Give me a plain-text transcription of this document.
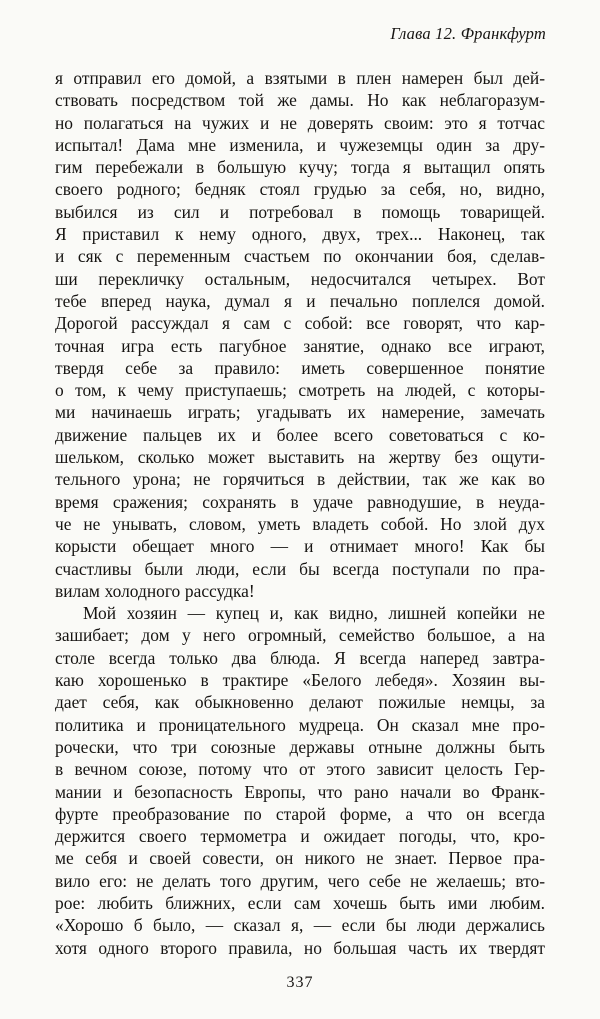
Глава 12. Франкфурт
я отправил его домой, а взятыми в плен намерен был дей-
ствовать посредством той же дамы. Но как неблагоразум-
но полагаться на чужих и не доверять своим: это я тотчас
испытал! Дама мне изменила, и чужеземцы один за дру-
гим перебежали в большую кучу; тогда я вытащил опять
своего родного; бедняк стоял грудью за себя, но, видно,
выбился из сил и потребовал в помощь товарищей.
Я приставил к нему одного, двух, трех... Наконец, так
и сяк с переменным счастьем по окончании боя, сделав-
ши перекличку остальным, недосчитался четырех. Вот
тебе вперед наука, думал я и печально поплелся домой.
Дорогой рассуждал я сам с собой: все говорят, что кар-
точная игра есть пагубное занятие, однако все играют,
твердя себе за правило: иметь совершенное понятие
о том, к чему приступаешь; смотреть на людей, с которы-
ми начинаешь играть; угадывать их намерение, замечать
движение пальцев их и более всего советоваться с ко-
шельком, сколько может выставить на жертву без ощути-
тельного урона; не горячиться в действии, так же как во
время сражения; сохранять в удаче равнодушие, в неуда-
че не унывать, словом, уметь владеть собой. Но злой дух
корысти обещает много — и отнимает много! Как бы
счастливы были люди, если бы всегда поступали по пра-
вилам холодного рассудка!
Мой хозяин — купец и, как видно, лишней копейки не
зашибает; дом у него огромный, семейство большое, а на
столе всегда только два блюда. Я всегда наперед завтра-
каю хорошенько в трактире «Белого лебедя». Хозяин вы-
дает себя, как обыкновенно делают пожилые немцы, за
политика и проницательного мудреца. Он сказал мне про-
рочески, что три союзные державы отныне должны быть
в вечном союзе, потому что от этого зависит целость Гер-
мании и безопасность Европы, что рано начали во Франк-
фурте преобразование по старой форме, а что он всегда
держится своего термометра и ожидает погоды, что, кро-
ме себя и своей совести, он никого не знает. Первое пра-
вило его: не делать того другим, чего себе не желаешь; вто-
рое: любить ближних, если сам хочешь быть ими любим.
«Хорошо б было, — сказал я, — если бы люди держались
хотя одного второго правила, но большая часть их твердят
337
